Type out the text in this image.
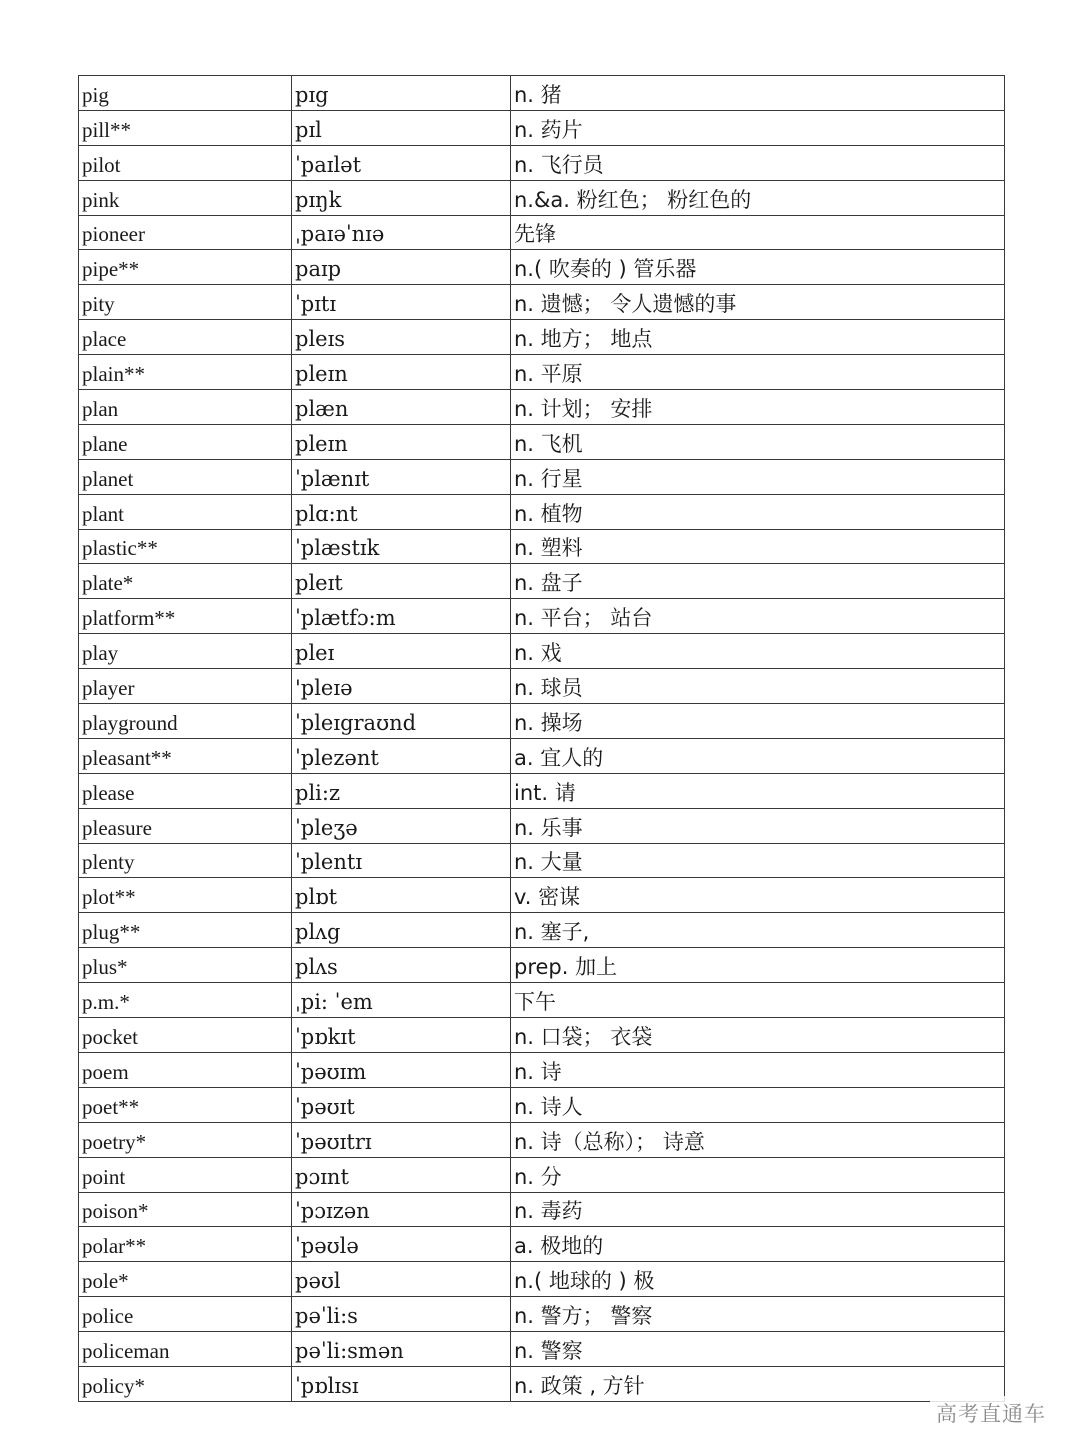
pig	pɪg	n. 猪
pill**	pɪl	n. 药片
pilot	ˈpaɪlət	n. 飞行员
pink	pɪŋk	n.&a. 粉红色； 粉红色的
pioneer	ˌpaɪəˈnɪə	先锋
pipe**	paɪp	n.( 吹奏的 ) 管乐器
pity	ˈpɪtɪ	n. 遗憾； 令人遗憾的事
place	pleɪs	n. 地方； 地点
plain**	pleɪn	n. 平原
plan	plæn	n. 计划； 安排
plane	pleɪn	n. 飞机
planet	ˈplænɪt	n. 行星
plant	plɑ:nt	n. 植物
plastic**	ˈplæstɪk	n. 塑料
plate*	pleɪt	n. 盘子
platform**	ˈplætfɔ:m	n. 平台； 站台
play	pleɪ	n. 戏
player	'pleɪə	n. 球员
playground	ˈpleɪgraʊnd	n. 操场
pleasant**	ˈplezənt	a. 宜人的
please	pli:z	int. 请
pleasure	ˈpleʒə	n. 乐事
plenty	ˈplentɪ	n. 大量
plot**	plɒt	v. 密谋
plug**	plʌg	n. 塞子,
plus*	plʌs	prep. 加上
p.m.*	ˌpi: ˈem	下午
pocket	ˈpɒkɪt	n. 口袋； 衣袋
poem	ˈpəʊɪm	n. 诗
poet**	ˈpəʊɪt	n. 诗人
poetry*	ˈpəʊɪtrɪ	n. 诗（总称）； 诗意
point	pɔɪnt	n. 分
poison*	ˈpɔɪzən	n. 毒药
polar**	ˈpəʊlə	a. 极地的
pole*	pəʊl	n.( 地球的 ) 极
police	pəˈli:s	n. 警方； 警察
policeman	pəˈli:smən	n. 警察
policy*	ˈpɒlɪsɪ	n. 政策 , 方针
高考直通车
